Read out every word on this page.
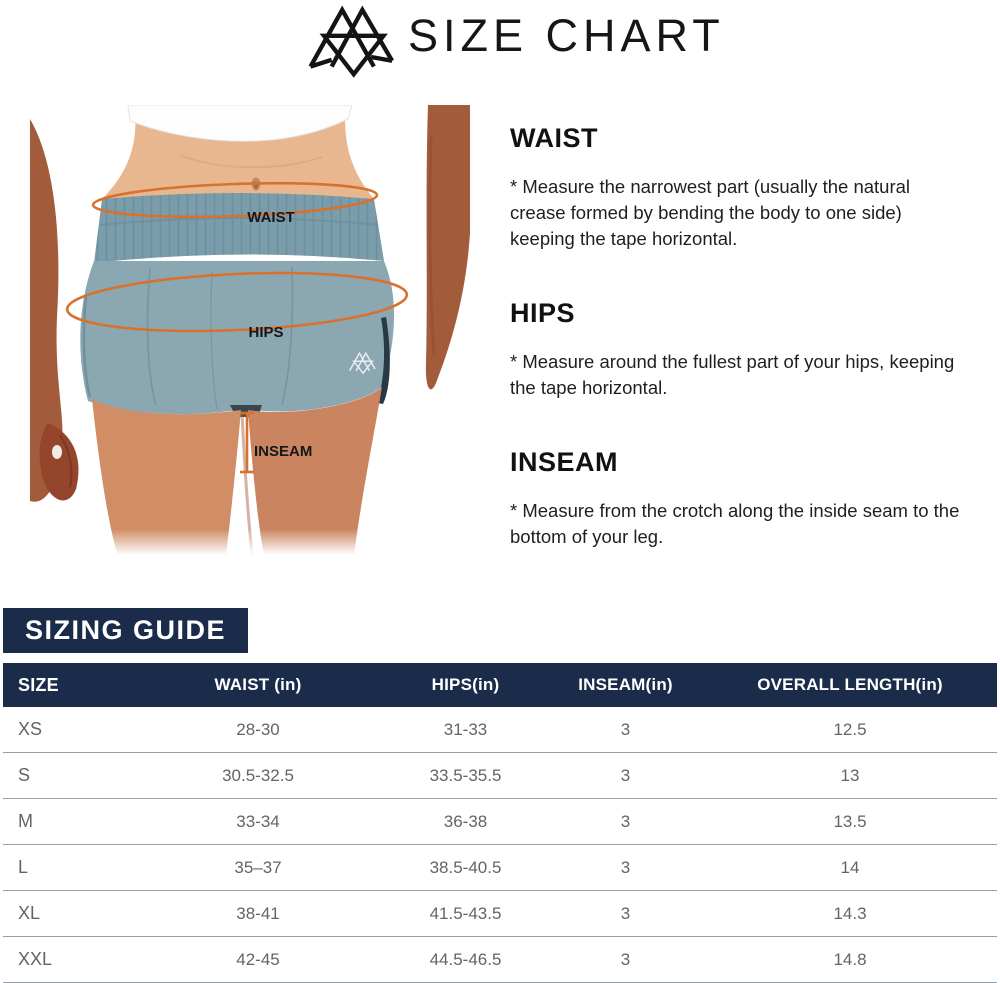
SIZE CHART
WAIST
HIPS
INSEAM
WAIST

* Measure the narrowest part (usually the natural crease formed by bending the body to one side) keeping the tape horizontal.

HIPS

* Measure around the fullest part of your hips, keeping the tape horizontal.

INSEAM

* Measure from the crotch along the inside seam to the bottom of your leg.

SIZING GUIDE
SIZE	WAIST (in)	HIPS(in)	INSEAM(in)	OVERALL LENGTH(in)
XS	28-30	31-33	3	12.5
S	30.5-32.5	33.5-35.5	3	13
M	33-34	36-38	3	13.5
L	35–37	38.5-40.5	3	14
XL	38-41	41.5-43.5	3	14.3
XXL	42-45	44.5-46.5	3	14.8
